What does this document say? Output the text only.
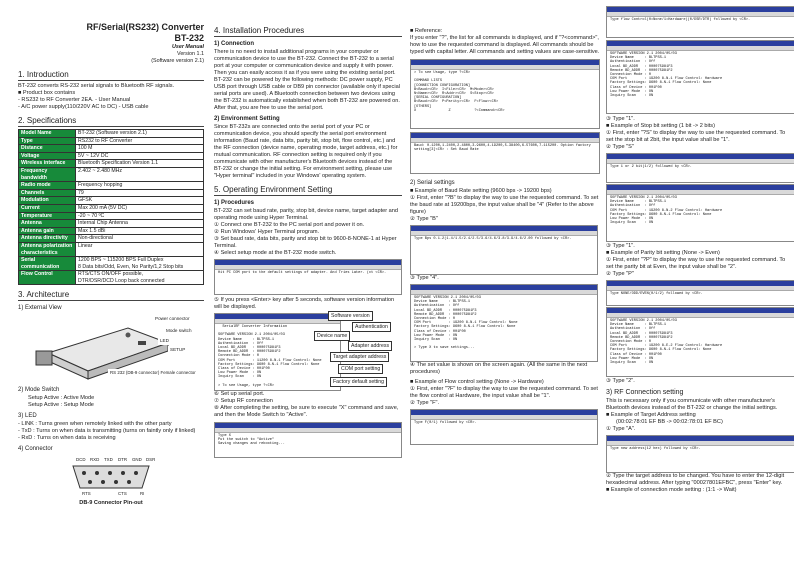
RF/Serial(RS232) Converter
BT-232
User Manual
Version 1.1
(Software version 2.1)
1. Introduction
BT-232 converts RS-232 serial signals to Bluetooth RF signals.
■ Product box contains
- RS232 to RF Converter 2EA. - User Manual
- A/C power supply(110/220V AC to DC) - USB cable
2. Specifications
Model Name	BT-232 (Software version 2.1)
Type	RS232 to RF Converter
Distance	100 M
Voltage	5V ~ 12V DC
Wireless interface	Bluetooth Specification Version 1.1
Frequency bandwidth	2.402 ~ 2.480 MHz
Radio mode	Frequency hopping
Channels	79
Modulation	GFSK
Current	Max 200 mA (5V DC)
Temperature	-20 ~ 70 ºC
Antenna	Internal Chip Antenna
Antenna gain	Max 1.5 dBi
Antenna directivity	Non-directional
Antenna polarization characteristics	Linear
Serial communication	1200 BPS ~ 115200 BPS Full Duplex
8 Data bits/Odd, Even, No Parity/1,2 Stop bits
Flow Control	RTS/CTS ON/OFF possible,
DTR/DSR/DCD Loop back connected
3. Architecture
1) External View
Power connector
Mode switch
LED
SETUP
RS 232 (DB-9 connector) Female connector
2) Mode Switch
Setup Active : Active Mode
Setup Active : Setup Mode
3) LED
- LINK : Turns green when remotely linked with the other party
- TxD : Turns on when data is transmitting (turns on faintly only if linked)
- RxD : Turns on when data is receiving
4) Connector
DCD RXD TXD DTR GND DSR
RTS	CTS	RI
DB-9 Connector Pin-out
4. Installation Procedures
1) Connection

There is no need to install additional programs in your computer or communication device to use the BT-232. Connect the BT-232 to a serial port at your computer or communication device and supply it with power. Then you can easily access it as if you were using the existing serial port. BT-232 can be powered by the following methods: DC power supply, PC USB port through USB cable or DB9 pin connector (available only if special serial ports are used). A Bluetooth connection between two devices using the BT-232 is automatically established when both BT-232 are powered on. After that, you are free to use the serial port.

2) Environment Setting

Since BT-232s are connected onto the serial port of your PC or communication device, you should specify the serial port environment information (Baud rate, data bits, parity bit, stop bit, flow control, etc.) and the RF connection (device name, operating mode, target address, etc.) for mutual communication. RF connection setting is required only if you communicate with other manufacturer's Bluetooth devices instead of the BT-232 or change the initial setting. For environment setting, please use "Hyper terminal" included in your Windows' operating system.

5. Operating Environment Setting
1) Procedures

BT-232 can set baud rate, parity, stop bit, device name, target adapter and operating mode using Hyper Terminal.

① Connect one BT-232 to the PC serial port and power it on.
② Run Windows' Hyper Terminal program.
③ Set baud rate, data bits, parity and stop bit to 9600-8-NONE-1 at Hyper Terminal.
④ Select setup mode at the BT-232 mode switch.
Hit PC COM port to the default settings of adapter. And Tries Later. (ct <CR>.

⑤ If you press <Enter> key after 5 seconds, software version information will be displayed.

SerialRF Converter Information

SOFTWARE VERSION 2.1 2004/05/03
Device Name     : BLTPSS-1
Authentication  : Off
Local BD_ADDR   : 000075981F3
Remote BD_ADDR  : 000075981F2
Connection Mode : 0
COM Port        : 11200 8-N-1 Flow Control: None
Factory Settings: 9600 8-N-1 Flow Control: None
Class of Device : 001F00
Low Power Mode  : ON
Inquiry Scan    : ON

> To see Usage, type ?<CR>
Software version
Authentication
Device name
Adapter address
Target adapter address
COM port setting
Factory default setting
⑥ Set up serial port.
⑦ Setup RF connection
⑧ After completing the setting, be sure to execute "X" command and save, and then the Mode Switch to "Active".
Type X
Put the switch to "Active"
Saving changes and rebooting...
■ Reference:

If you enter "?", the list for all commands is displayed, and if "?<command>", how to use the requested command is displayed. All commands should be typed with capital letter. All commands and setting values are case-sensitive.

> To see Usage, type ?<CR>

COMMAND LISTS
[CONNECTION CONFIGURATION]
B<Baud><CR>  I<File><CR>  M<Mode><CR>
N<Name><CR>  R<Addr><CR>  S<Stop><CR>
[SERIAL CONFIGURATION]
B<Baud><CR>  P<Parity><CR>  F<Flow><CR>
[OTHERS]
X               Z           ?<Command><CR>
Baud: 0-1200,1-2400,2-4800,3-9600,4-19200,5-38400,6-57600,7-115200. Option factory setting[3]<CR> : Set Baud Rate
2) Serial settings

■ Example of Baud Rate setting (9600 bps -> 19200 bps)

① First, enter "?B" to display the way to use the requested command. To set the baud rate at 19200bps, the input value shall be "4" (Refer to the above figure)

② Type "B"

Type Bps 0.1.2(1.4/1.5/2.4/2.5/3.6/4.6/3.8/3.9/4.6/2.00 followed by <CR>.

③ Type "4".

SOFTWARE VERSION 2.1 2004/05/03
Device Name     : BLTPSS-1
Authentication  : Off
Local BD_ADDR   : 000075981F3
Remote BD_ADDR  : 000075981F2
Connection Mode : 0
COM Port        : 19200 8-N-1 Flow Control: None
Factory Settings: 9600 8-N-1 Flow Control: None
Class of Device : 001F00
Low Power Mode  : ON
Inquiry Scan    : ON

> Type X to save settings...

④ The set value is shown on the screen again. (All the same in the next procedures)

■ Example of Flow control setting (None -> Hardware)

① First, enter "?F" to display the way to use the requested command. To set the flow control at Hardware, the input value shall be "1".

② Type "F".

Type F(0/1) followed by <CR>.
Type flow Control(0=None/1=Hardware)(0/DSR/DTR) followed by <CR>.
SOFTWARE VERSION 2.1 2004/05/03
Device Name     : BLTPSS-1
Authentication  : Off
Local BD_ADDR   : 000075981F3
Remote BD_ADDR  : 000075981F2
Connection Mode : 0
COM Port        : 19200 8-N-1 Flow Control: Hardware
Factory Settings: 9600 8-N-1 Flow Control: None
Class of Device : 001F00
Low Power Mode  : ON
Inquiry Scan    : ON

③ Type "1".

■ Example of Stop bit setting (1 bit -> 2 bits)

① First, enter "?S" to display the way to use the requested command. To set the stop bit at 2bit, the input value shall be "1".

② Type "S"

Type 1 or 2 bit(1/2) followed by <CR>.
SOFTWARE VERSION 2.1 2004/05/03
Device Name     : BLTPSS-1
Authentication  : Off
COM Port        : 19200 8-N-2 Flow Control: Hardware
Factory Settings: 9600 8-N-1 Flow Control: None
Low Power Mode  : ON
Inquiry Scan    : ON

③ Type "1".

■ Example of Parity bit setting (None -> Even)

① First, enter "?P" to display the way to use the requested command. To set the parity bit at Even, the input value shall be "2".

② Type "P"

Type NONE/ODD/EVEN(0/1/2) followed by <CR>.
SOFTWARE VERSION 2.1 2004/05/03
Device Name     : BLTPSS-1
Authentication  : Off
Local BD_ADDR   : 000075981F3
Remote BD_ADDR  : 000075981F2
Connection Mode : 0
COM Port        : 19200 8-E-2 Flow Control: Hardware
Factory Settings: 9600 8-N-1 Flow Control: None
Class of Device : 001F00
Low Power Mode  : ON
Inquiry Scan    : ON

③ Type "2".

3) RF Connection setting

This is necessary only if you communicate with other manufacturer's Bluetooth devices instead of the BT-232 or change the initial settings.

■ Example of Target Address setting

(00:02:78:01 EF BB -> 00:02:78:01 EF BC)

① Type "A".

Type new address(12 hex) followed by <CR>.

② Type the target address to be changed. You have to enter the 12-digit hexadecimal address. After typing "00027801EFBC", press "Enter" key.

■ Example of connection mode setting : (1:1 -> Wait)
